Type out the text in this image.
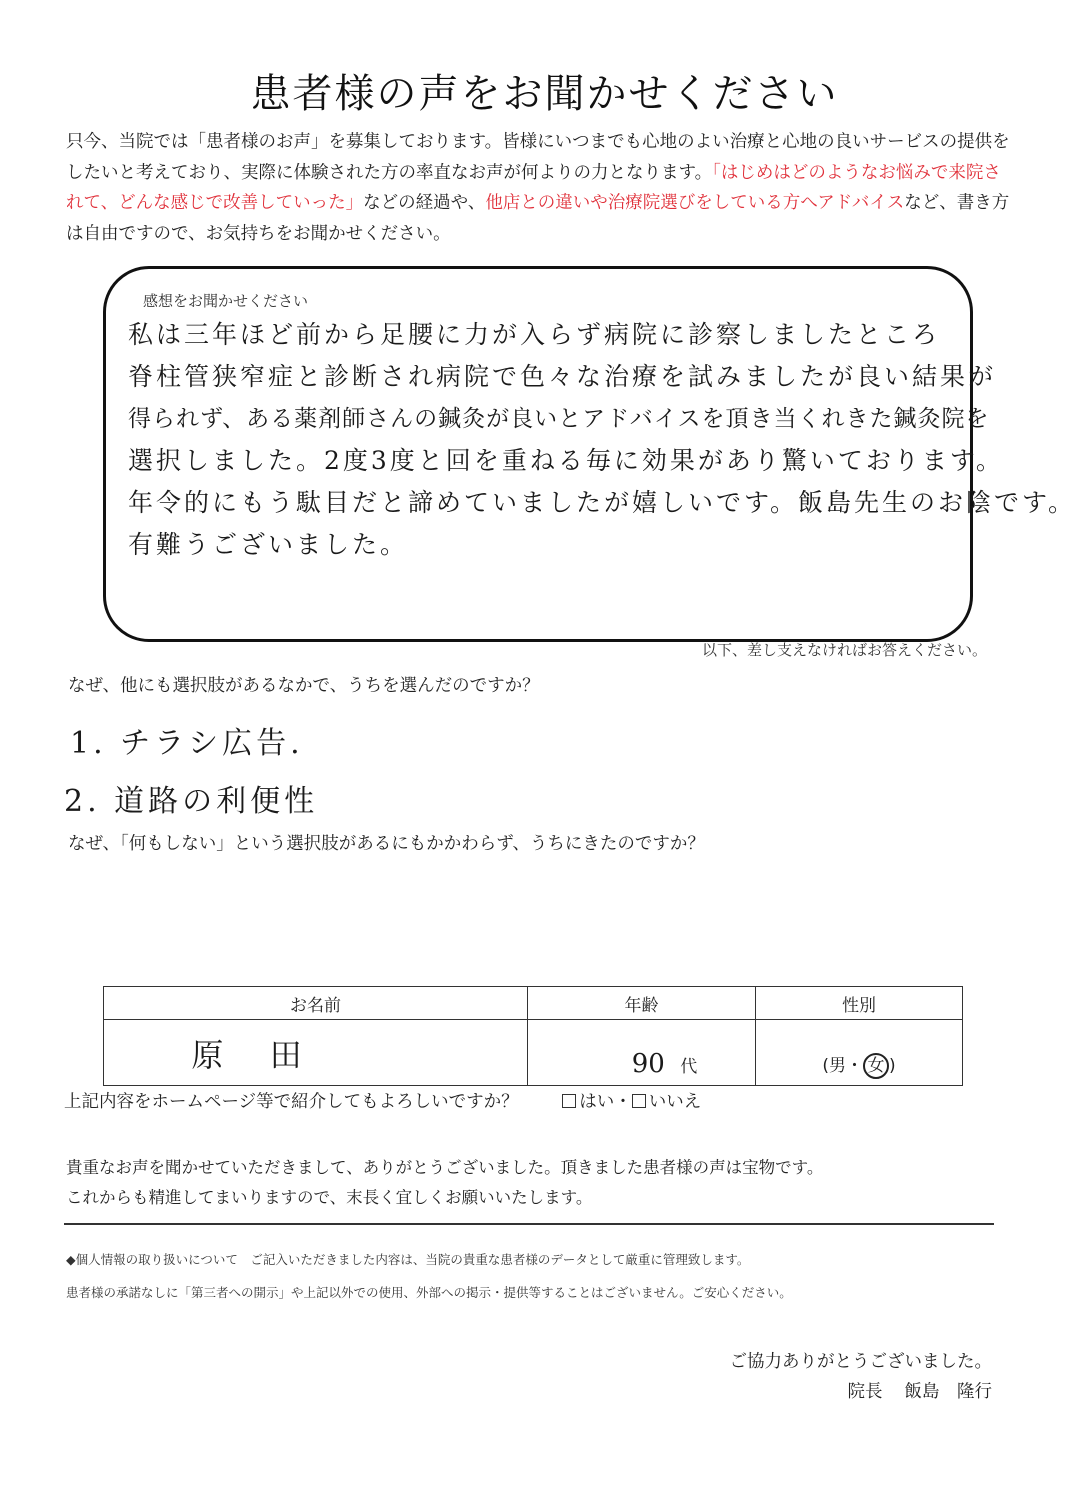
患者様の声をお聞かせください
只今、当院では「患者様のお声」を募集しております。皆様にいつまでも心地のよい治療と心地の良いサービスの提供をしたいと考えており、実際に体験された方の率直なお声が何よりの力となります。「はじめはどのようなお悩みで来院されて、どんな感じで改善していった」などの経過や、他店との違いや治療院選びをしている方へアドバイスなど、書き方は自由ですので、お気持ちをお聞かせください。
感想をお聞かせください
私は三年ほど前から足腰に力が入らず病院に診察しましたところ
脊柱管狭窄症と診断され病院で色々な治療を試みましたが良い結果が
得られず、ある薬剤師さんの鍼灸が良いとアドバイスを頂き当くれきた鍼灸院を
選択しました。2度3度と回を重ねる毎に効果があり驚いております。
年令的にもう駄目だと諦めていましたが嬉しいです。飯島先生のお陰です。
有難うございました。
以下、差し支えなければお答えください。
なぜ、他にも選択肢があるなかで、うちを選んだのですか？
1. チラシ広告.
2. 道路の利便性
なぜ、「何もしない」という選択肢があるにもかかわらず、うちにきたのですか？
お名前	年齢	性別
原 田	90 代	(男・ 女 )
上記内容をホームページ等で紹介してもよろしいですか？	はい・ いいえ
貴重なお声を聞かせていただきまして、ありがとうございました。頂きました患者様の声は宝物です。
これからも精進してまいりますので、末長く宜しくお願いいたします。
◆個人情報の取り扱いについて　ご記入いただきました内容は、当院の貴重な患者様のデータとして厳重に管理致します。
患者様の承諾なしに「第三者への開示」や上記以外での使用、外部への掲示・提供等することはございません。ご安心ください。
ご協力ありがとうございました。
院長 飯島　隆行
